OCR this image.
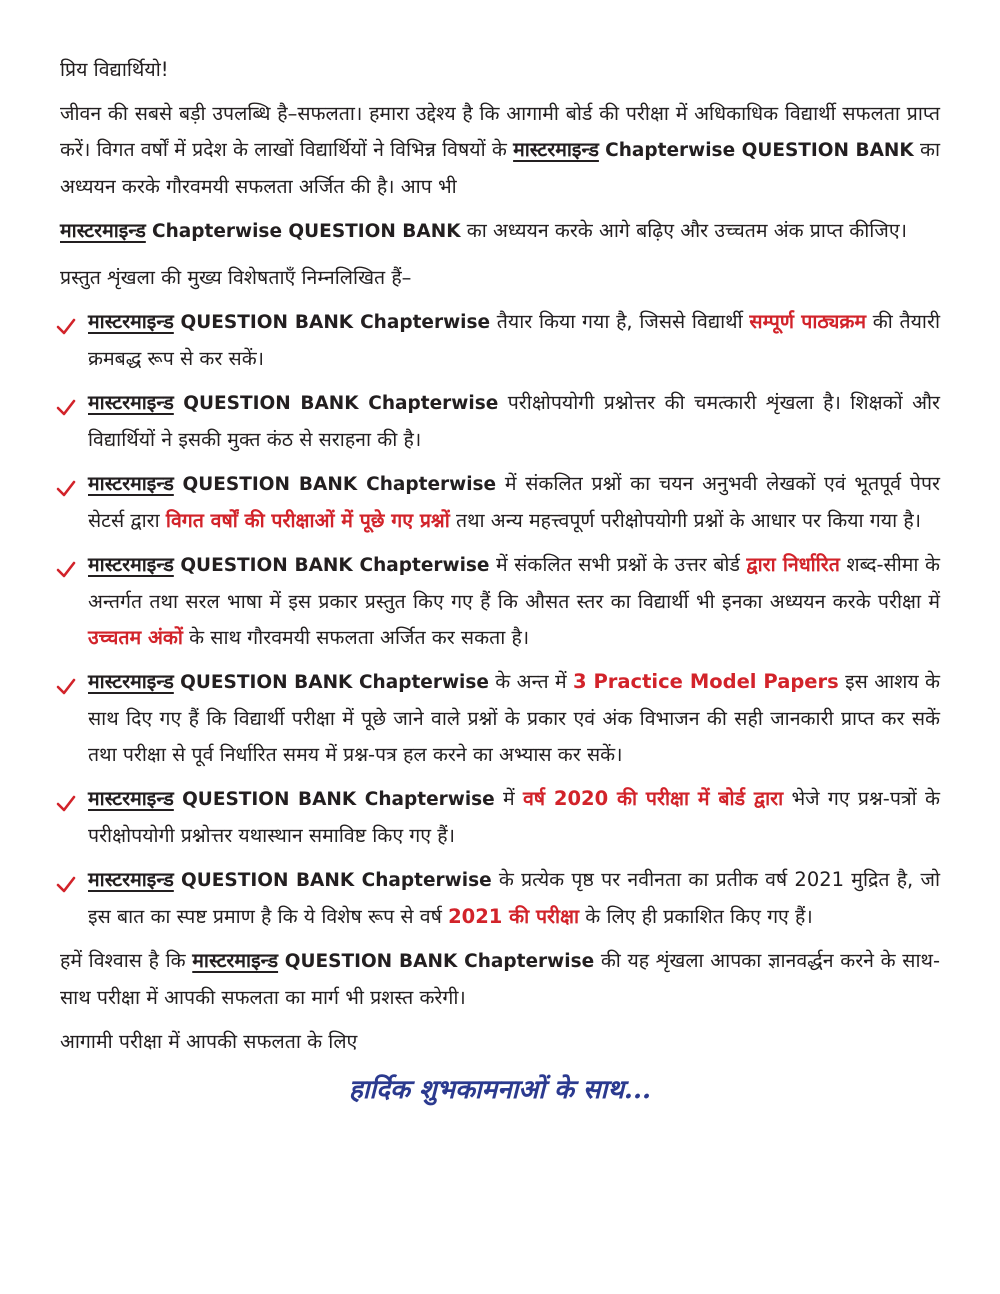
प्रिय विद्यार्थियो!

जीवन की सबसे बड़ी उपलब्धि है–सफलता। हमारा उद्देश्य है कि आगामी बोर्ड की परीक्षा में अधिकाधिक विद्यार्थी सफलता प्राप्त करें। विगत वर्षों में प्रदेश के लाखों विद्यार्थियों ने विभिन्न विषयों के मास्टरमाइन्ड Chapterwise QUESTION BANK का अध्ययन करके गौरवमयी सफलता अर्जित की है। आप भी

मास्टरमाइन्ड Chapterwise QUESTION BANK का अध्ययन करके आगे बढ़िए और उच्चतम अंक प्राप्त कीजिए।

प्रस्तुत शृंखला की मुख्य विशेषताएँ निम्नलिखित हैं–

मास्टरमाइन्ड QUESTION BANK Chapterwise तैयार किया गया है, जिससे विद्यार्थी सम्पूर्ण पाठ्यक्रम की तैयारी क्रमबद्ध रूप से कर सकें।
मास्टरमाइन्ड QUESTION BANK Chapterwise परीक्षोपयोगी प्रश्नोत्तर की चमत्कारी शृंखला है। शिक्षकों और विद्यार्थियों ने इसकी मुक्त कंठ से सराहना की है।
मास्टरमाइन्ड QUESTION BANK Chapterwise में संकलित प्रश्नों का चयन अनुभवी लेखकों एवं भूतपूर्व पेपर सेटर्स द्वारा विगत वर्षों की परीक्षाओं में पूछे गए प्रश्नों तथा अन्य महत्त्वपूर्ण परीक्षोपयोगी प्रश्नों के आधार पर किया गया है।
मास्टरमाइन्ड QUESTION BANK Chapterwise में संकलित सभी प्रश्नों के उत्तर बोर्ड द्वारा निर्धारित शब्द-सीमा के अन्तर्गत तथा सरल भाषा में इस प्रकार प्रस्तुत किए गए हैं कि औसत स्तर का विद्यार्थी भी इनका अध्ययन करके परीक्षा में उच्चतम अंकों के साथ गौरवमयी सफलता अर्जित कर सकता है।
मास्टरमाइन्ड QUESTION BANK Chapterwise के अन्त में 3 Practice Model Papers इस आशय के साथ दिए गए हैं कि विद्यार्थी परीक्षा में पूछे जाने वाले प्रश्नों के प्रकार एवं अंक विभाजन की सही जानकारी प्राप्त कर सकें तथा परीक्षा से पूर्व निर्धारित समय में प्रश्न-पत्र हल करने का अभ्यास कर सकें।
मास्टरमाइन्ड QUESTION BANK Chapterwise में वर्ष 2020 की परीक्षा में बोर्ड द्वारा भेजे गए प्रश्न-पत्रों के परीक्षोपयोगी प्रश्नोत्तर यथास्थान समाविष्ट किए गए हैं।
मास्टरमाइन्ड QUESTION BANK Chapterwise के प्रत्येक पृष्ठ पर नवीनता का प्रतीक वर्ष 2021 मुद्रित है, जो इस बात का स्पष्ट प्रमाण है कि ये विशेष रूप से वर्ष 2021 की परीक्षा के लिए ही प्रकाशित किए गए हैं।

हमें विश्वास है कि मास्टरमाइन्ड QUESTION BANK Chapterwise की यह शृंखला आपका ज्ञानवर्द्धन करने के साथ-साथ परीक्षा में आपकी सफलता का मार्ग भी प्रशस्त करेगी।

आगामी परीक्षा में आपकी सफलता के लिए

हार्दिक शुभकामनाओं के साथ...
